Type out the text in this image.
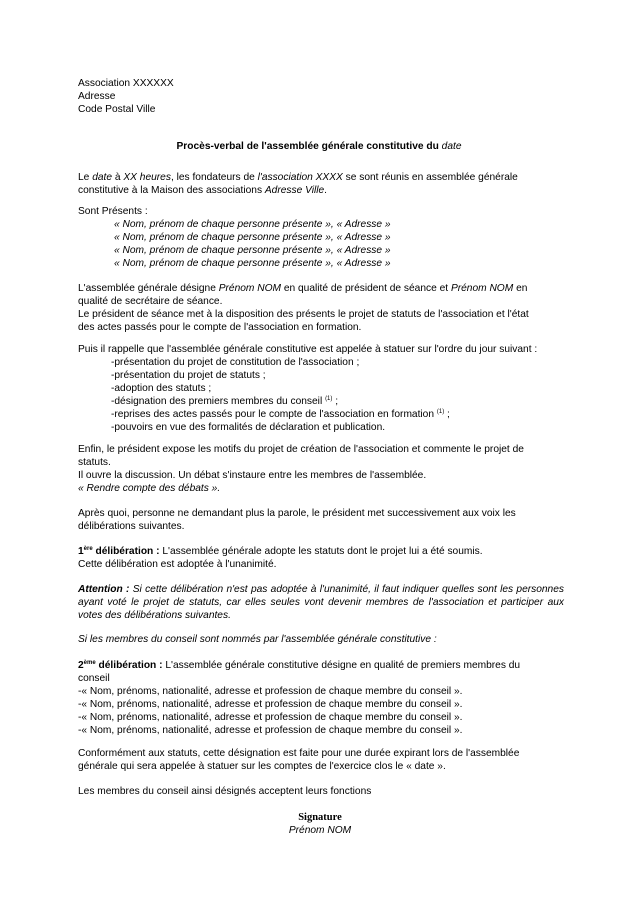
Association XXXXXX
Adresse
Code Postal Ville
Procès-verbal de l'assemblée générale constitutive du date
Le date à XX heures, les fondateurs de l'association XXXX se sont réunis en assemblée générale
constitutive à la Maison des associations Adresse Ville.
Sont Présents :
« Nom, prénom de chaque personne présente », « Adresse »
« Nom, prénom de chaque personne présente », « Adresse »
« Nom, prénom de chaque personne présente », « Adresse »
« Nom, prénom de chaque personne présente », « Adresse »
L'assemblée générale désigne Prénom NOM en qualité de président de séance et Prénom NOM en
qualité de secrétaire de séance.
Le président de séance met à la disposition des présents le projet de statuts de l'association et l'état
des actes passés pour le compte de l'association en formation.
Puis il rappelle que l'assemblée générale constitutive est appelée à statuer sur l'ordre du jour suivant :
-présentation du projet de constitution de l'association ;
-présentation du projet de statuts ;
-adoption des statuts ;
-désignation des premiers membres du conseil $^{(1)}$ ;
-reprises des actes passés pour le compte de l'association en formation $^{(1)}$ ;
-pouvoirs en vue des formalités de déclaration et publication.
Enfin, le président expose les motifs du projet de création de l'association et commente le projet de
statuts.
Il ouvre la discussion. Un débat s'instaure entre les membres de l'assemblée.
« Rendre compte des débats ».
Après quoi, personne ne demandant plus la parole, le président met successivement aux voix les
délibérations suivantes.
1ère délibération : L'assemblée générale adopte les statuts dont le projet lui a été soumis.
Cette délibération est adoptée à l'unanimité.
Attention : Si cette délibération n'est pas adoptée à l'unanimité, il faut indiquer quelles sont les personnes ayant voté le projet de statuts, car elles seules vont devenir membres de l'association et participer aux votes des délibérations suivantes.
Si les membres du conseil sont nommés par l'assemblée générale constitutive :
2ème délibération : L'assemblée générale constitutive désigne en qualité de premiers membres du
conseil
-« Nom, prénoms, nationalité, adresse et profession de chaque membre du conseil ».
-« Nom, prénoms, nationalité, adresse et profession de chaque membre du conseil ».
-« Nom, prénoms, nationalité, adresse et profession de chaque membre du conseil ».
-« Nom, prénoms, nationalité, adresse et profession de chaque membre du conseil ».
Conformément aux statuts, cette désignation est faite pour une durée expirant lors de l'assemblée
générale qui sera appelée à statuer sur les comptes de l'exercice clos le « date ».
Les membres du conseil ainsi désignés acceptent leurs fonctions
Signature
Prénom NOM
